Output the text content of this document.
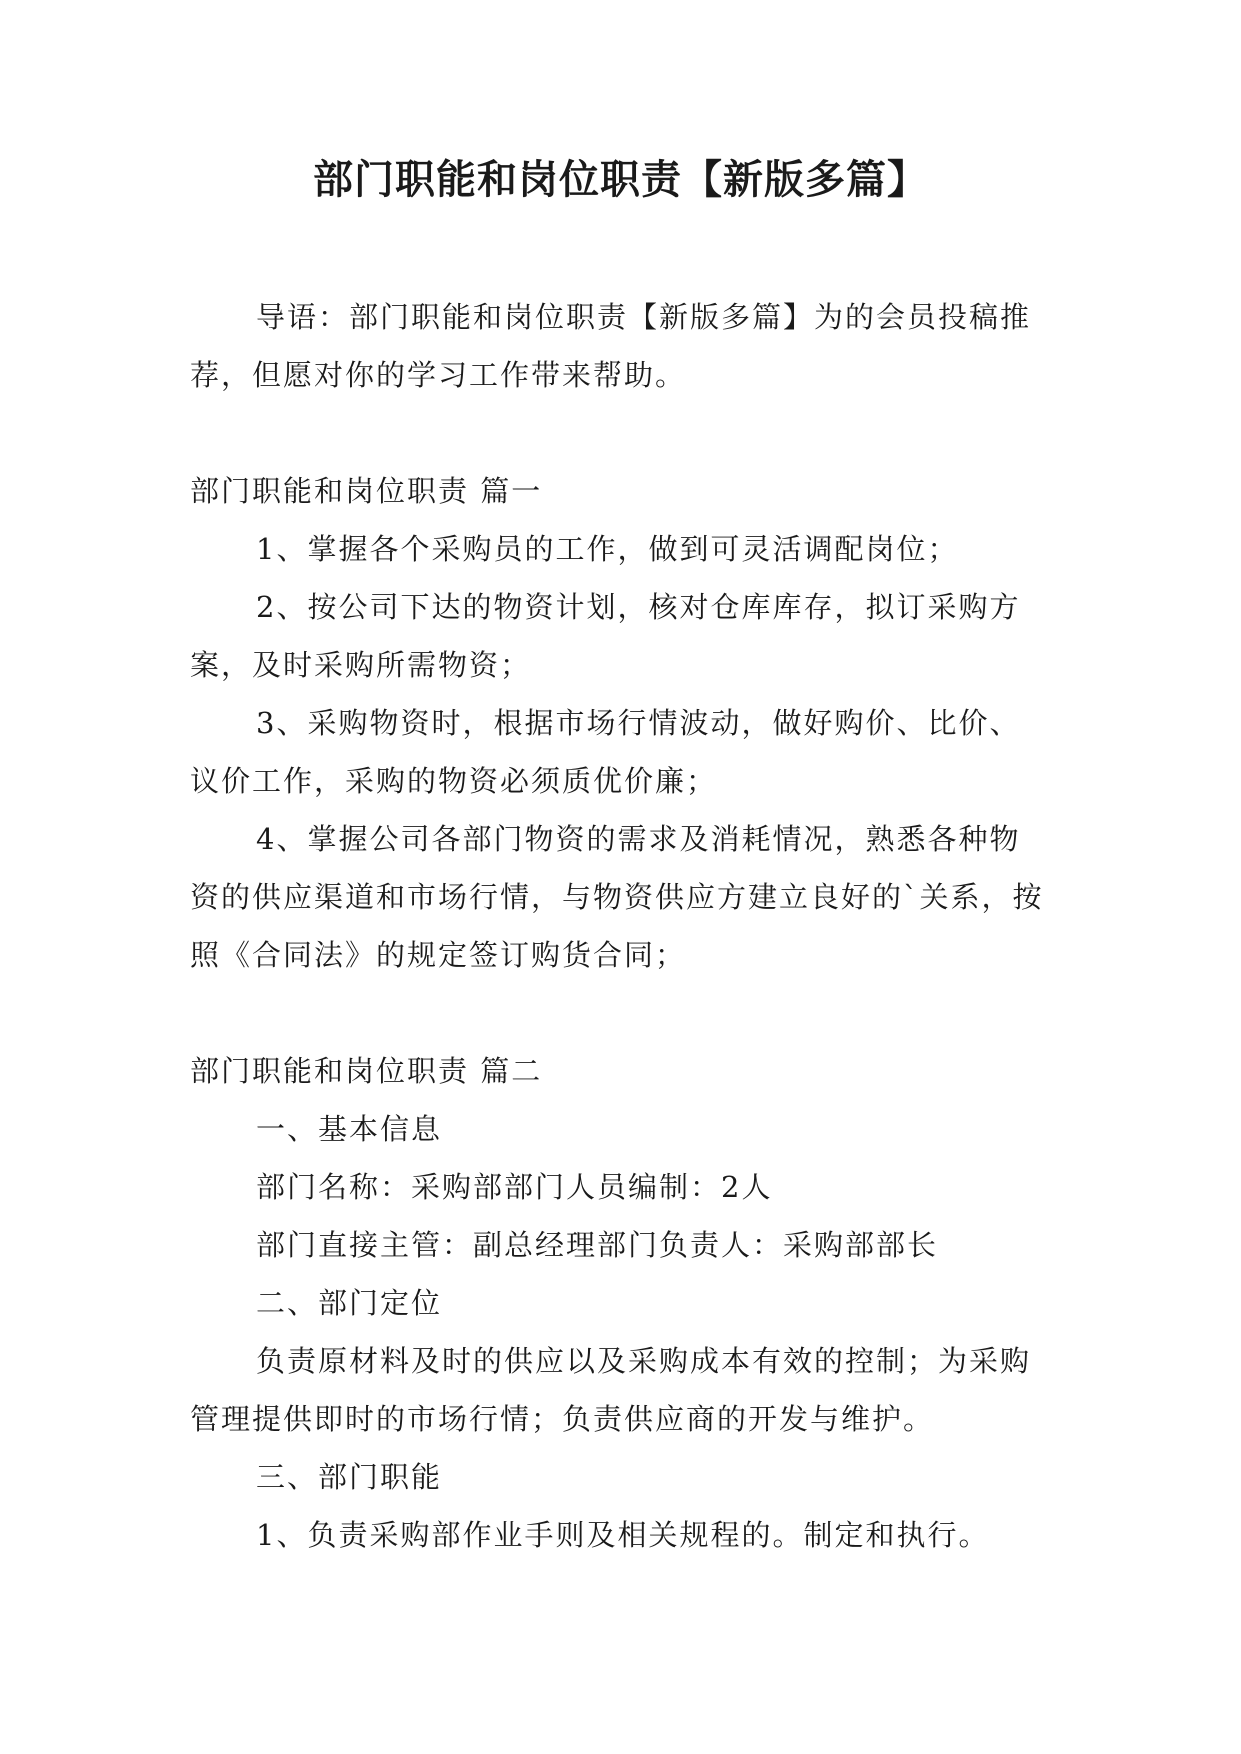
部门职能和岗位职责【新版多篇】

导语：部门职能和岗位职责【新版多篇】为的会员投稿推荐，但愿对你的学习工作带来帮助。

部门职能和岗位职责 篇一

1、掌握各个采购员的工作，做到可灵活调配岗位；

2、按公司下达的物资计划，核对仓库库存，拟订采购方案，及时采购所需物资；

3、采购物资时，根据市场行情波动，做好购价、比价、议价工作，采购的物资必须质优价廉；

4、掌握公司各部门物资的需求及消耗情况，熟悉各种物资的供应渠道和市场行情，与物资供应方建立良好的`关系，按照《合同法》的规定签订购货合同；

部门职能和岗位职责 篇二

一、基本信息

部门名称：采购部部门人员编制：2人

部门直接主管：副总经理部门负责人：采购部部长

二、部门定位

负责原材料及时的供应以及采购成本有效的控制；为采购管理提供即时的市场行情；负责供应商的开发与维护。

三、部门职能

1、负责采购部作业手则及相关规程的。制定和执行。
